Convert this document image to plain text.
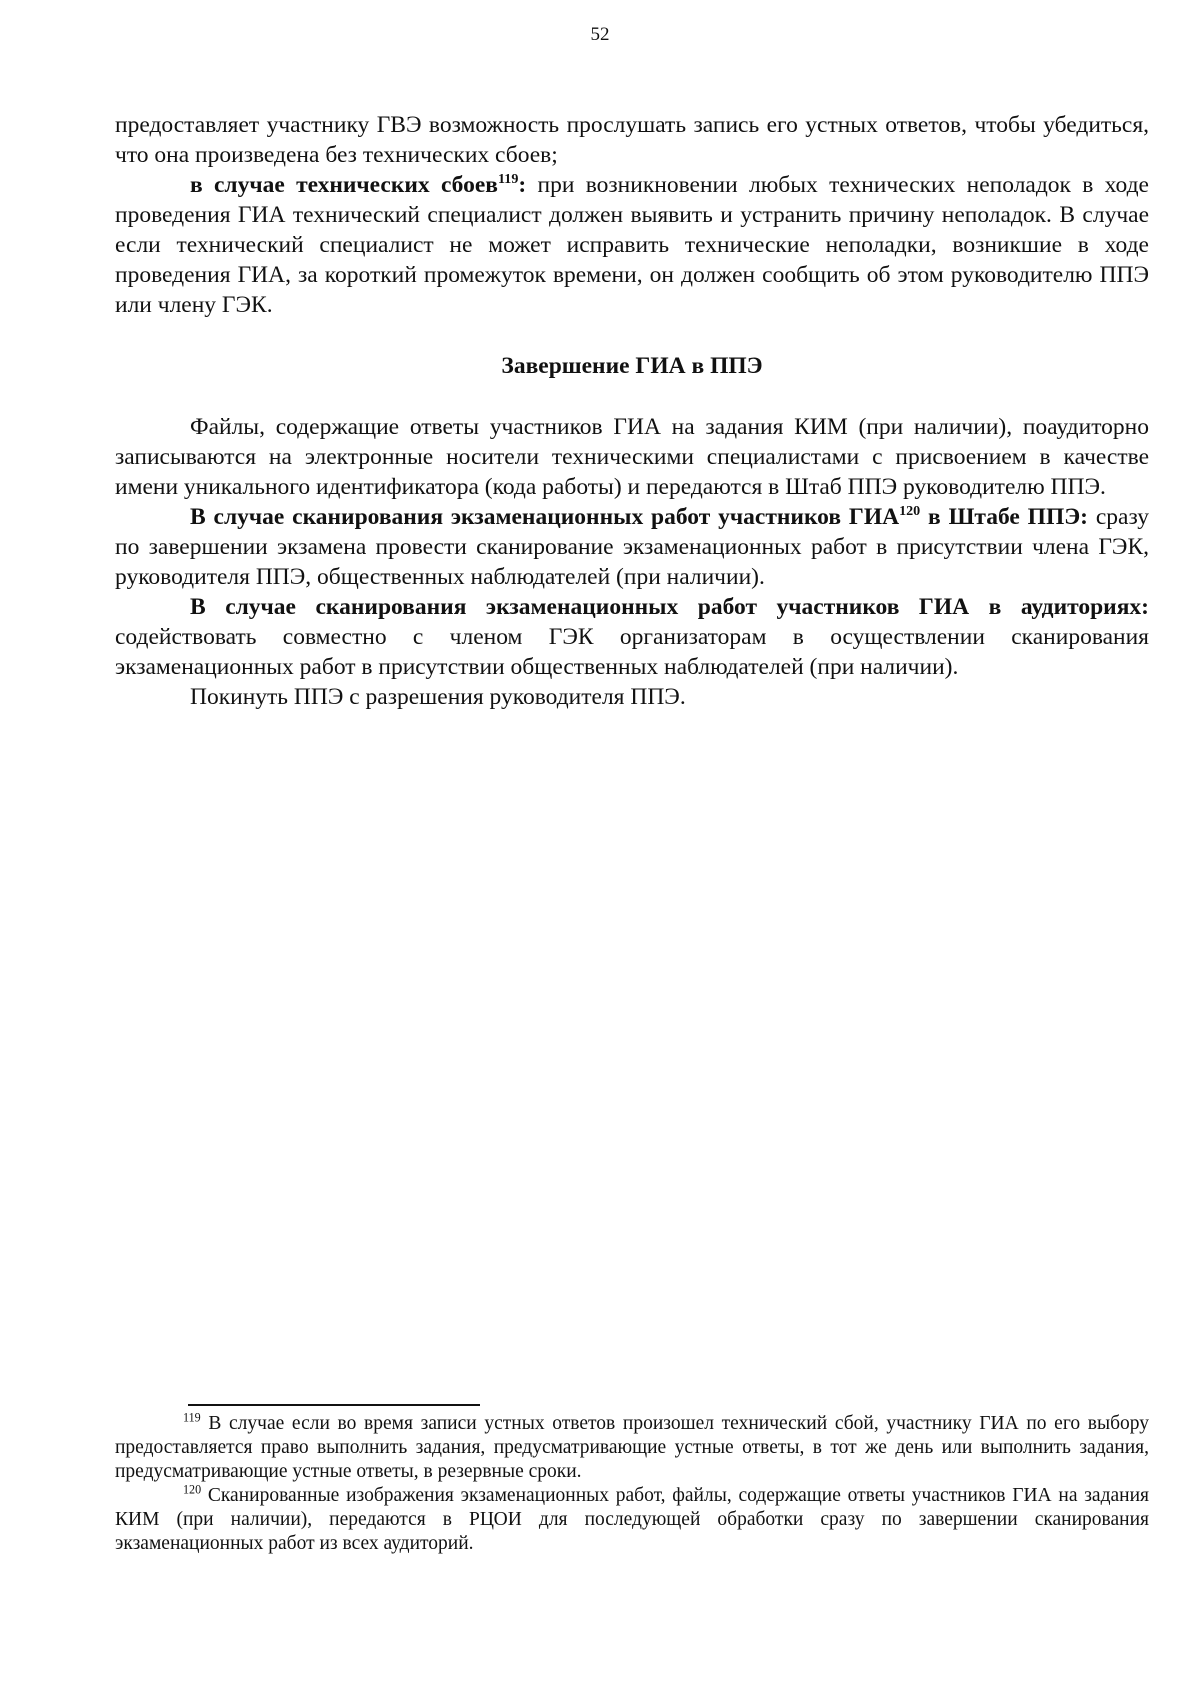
52

предоставляет участнику ГВЭ возможность прослушать запись его устных ответов, чтобы убедиться, что она произведена без технических сбоев;

в случае технических сбоев$^{119}$: при возникновении любых технических неполадок в ходе проведения ГИА технический специалист должен выявить и устранить причину неполадок. В случае если технический специалист не может исправить технические неполадки, возникшие в ходе проведения ГИА, за короткий промежуток времени, он должен сообщить об этом руководителю ППЭ или члену ГЭК.

Завершение ГИА в ППЭ

Файлы, содержащие ответы участников ГИА на задания КИМ (при наличии), поаудиторно записываются на электронные носители техническими специалистами с присвоением в качестве имени уникального идентификатора (кода работы) и передаются в Штаб ППЭ руководителю ППЭ.

В случае сканирования экзаменационных работ участников ГИА$^{120}$ в Штабе ППЭ: сразу по завершении экзамена провести сканирование экзаменационных работ в присутствии члена ГЭК, руководителя ППЭ, общественных наблюдателей (при наличии).

В случае сканирования экзаменационных работ участников ГИА в аудиториях: содействовать совместно с членом ГЭК организаторам в осуществлении сканирования экзаменационных работ в присутствии общественных наблюдателей (при наличии).

Покинуть ППЭ с разрешения руководителя ППЭ.

$^{119}$ В случае если во время записи устных ответов произошел технический сбой, участнику ГИА по его выбору предоставляется право выполнить задания, предусматривающие устные ответы, в тот же день или выполнить задания, предусматривающие устные ответы, в резервные сроки.

$^{120}$ Сканированные изображения экзаменационных работ, файлы, содержащие ответы участников ГИА на задания КИМ (при наличии), передаются в РЦОИ для последующей обработки сразу по завершении сканирования экзаменационных работ из всех аудиторий.
